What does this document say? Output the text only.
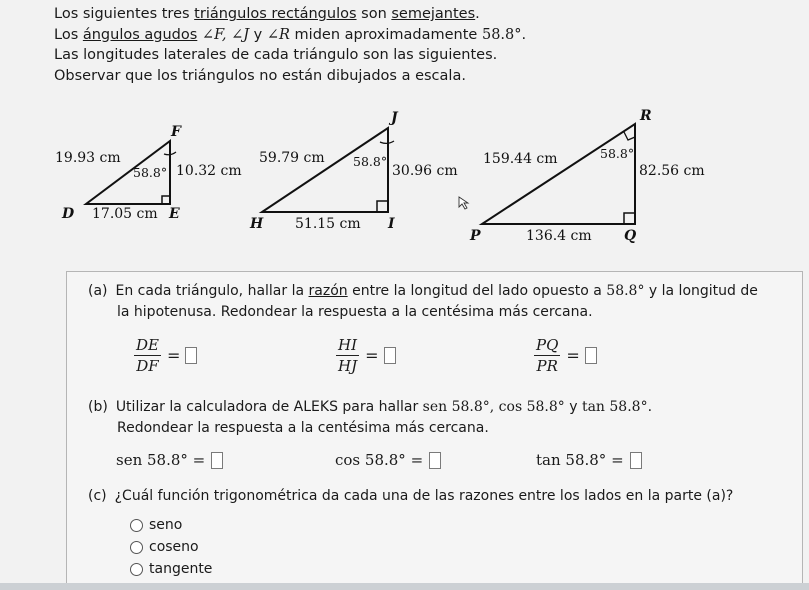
Los siguientes tres triángulos rectángulos son semejantes.

Los ángulos agudos ∠F, ∠J y ∠R miden aproximadamente 58.8°.

Las longitudes laterales de cada triángulo son las siguientes.

Observar que los triángulos no están dibujados a escala.

F
D	E
19.93 cm
58.8° 10.32 cm
17.05 cm
J
H	I
59.79 cm 58.8°
30.96 cm
51.15 cm
R
P	Q
159.44 cm	58.8°
82.56 cm
136.4 cm
(a) En cada triángulo, hallar la razón entre la longitud del lado opuesto a 58.8° y la longitud de
la hipotenusa. Redondear la respuesta a la centésima más cercana.
$\frac{DE}{DF}$ =	$\frac{HI}{HJ}$ =	$\frac{PQ}{PR}$ =
(b) Utilizar la calculadora de ALEKS para hallar sen 58.8°, cos 58.8° y tan 58.8°.
Redondear la respuesta a la centésima más cercana.
sen 58.8° =	cos 58.8° =	tan 58.8° =
(c) ¿Cuál función trigonométrica da cada una de las razones entre los lados en la parte (a)?
seno
coseno
tangente
